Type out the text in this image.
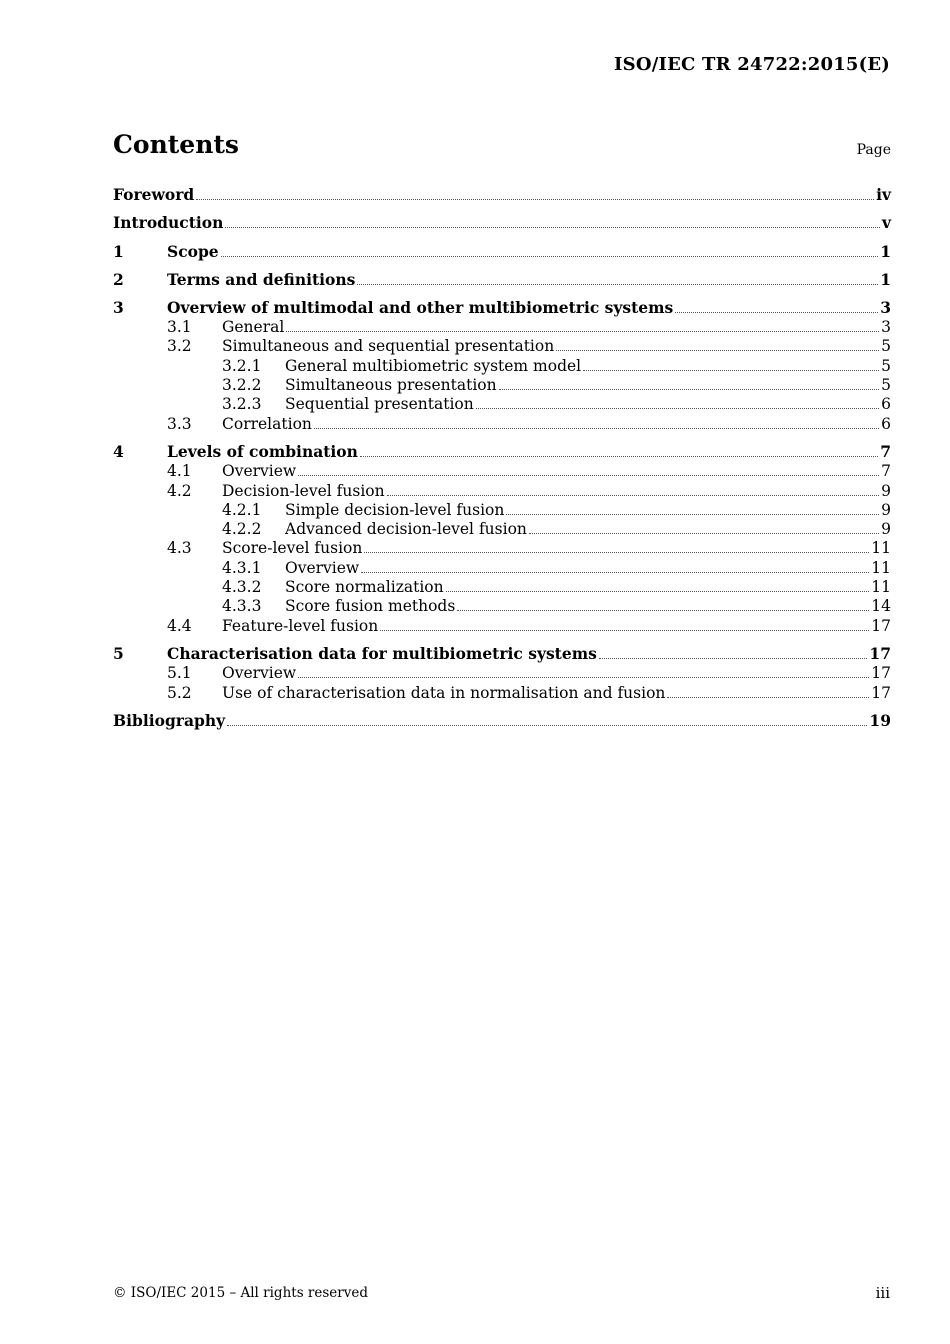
ISO/IEC TR 24722:2015(E)
Contents	Page
Foreword	iv
Introduction	v
1	Scope	1
2	Terms and definitions	1
3	Overview of multimodal and other multibiometric systems	3
3.1	General	3
3.2	Simultaneous and sequential presentation	5
3.2.1	General multibiometric system model	5
3.2.2	Simultaneous presentation	5
3.2.3	Sequential presentation	6
3.3	Correlation	6
4	Levels of combination	7
4.1	Overview	7
4.2	Decision-level fusion	9
4.2.1	Simple decision-level fusion	9
4.2.2	Advanced decision-level fusion	9
4.3	Score-level fusion	11
4.3.1	Overview	11
4.3.2	Score normalization	11
4.3.3	Score fusion methods	14
4.4	Feature-level fusion	17
5	Characterisation data for multibiometric systems	17
5.1	Overview	17
5.2	Use of characterisation data in normalisation and fusion	17
Bibliography	19
© ISO/IEC 2015 – All rights reserved	iii
